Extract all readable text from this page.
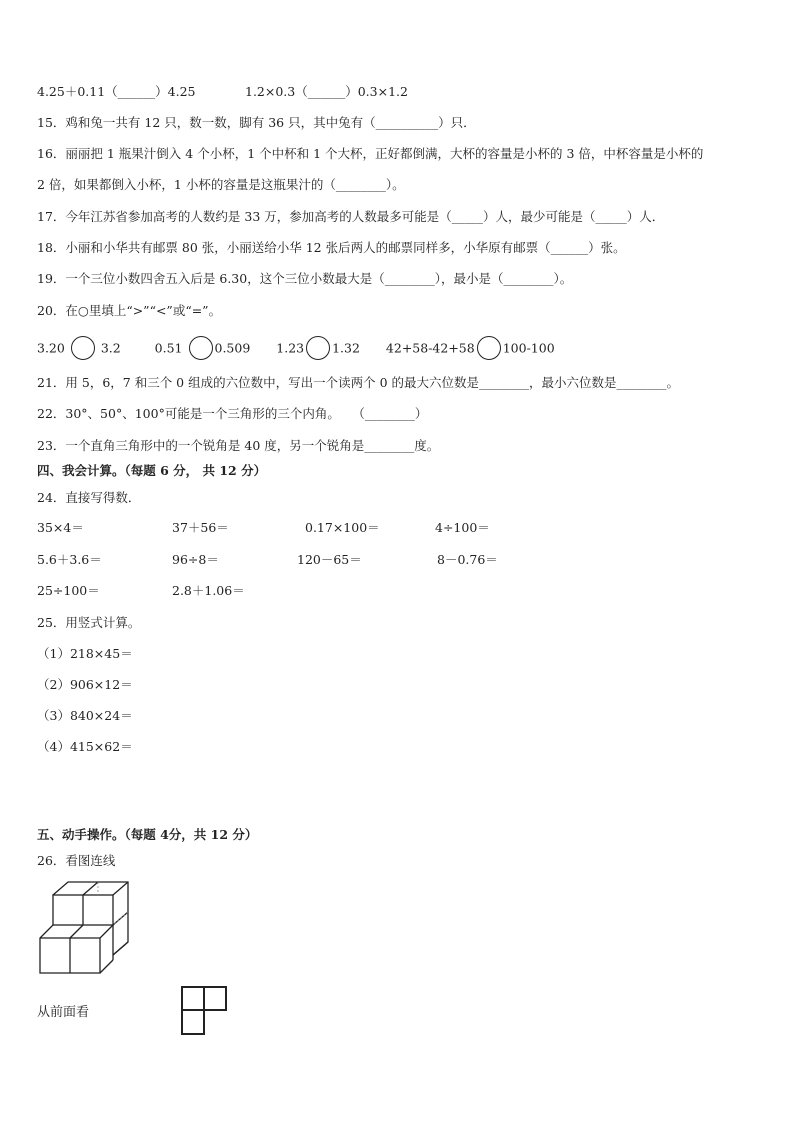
4.25＋0.11（______）4.25	1.2×0.3（______）0.3×1.2
15．鸡和兔一共有 12 只，数一数，脚有 36 只，其中兔有（__________）只．
16．丽丽把 1 瓶果汁倒入 4 个小杯，1 个中杯和 1 个大杯，正好都倒满，大杯的容量是小杯的 3 倍，中杯容量是小杯的
2 倍，如果都倒入小杯，1 小杯的容量是这瓶果汁的（________）。
17．今年江苏省参加高考的人数约是 33 万，参加高考的人数最多可能是（_____）人，最少可能是（_____）人．
18．小丽和小华共有邮票 80 张，小丽送给小华 12 张后两人的邮票同样多，小华原有邮票（______）张。
19．一个三位小数四舍五入后是 6.30，这个三位小数最大是（________），最小是（________）。
20．在○里填上“>”“<”或“=”。
3.20	3.2	0.51	0.509 1.23 1.32 42+58-42+58 100-100
21．用 5，6，7 和三个 0 组成的六位数中，写出一个读两个 0 的最大六位数是________，最小六位数是________。
22．30°、50°、100°可能是一个三角形的三个内角。　　（________）
23．一个直角三角形中的一个锐角是 40 度，另一个锐角是________度。
四、我会计算。（每题 6 分， 共 12 分）
24．直接写得数．
35×4＝	37＋56＝	0.17×100＝	4÷100＝
5.6＋3.6＝	96÷8＝	120－65＝	8－0.76＝
25÷100＝	2.8＋1.06＝
25．用竖式计算。
（1）218×45＝
（2）906×12＝
（3）840×24＝
（4）415×62＝
五、动手操作。（每题 4分，共 12 分）
26．看图连线
从前面看
